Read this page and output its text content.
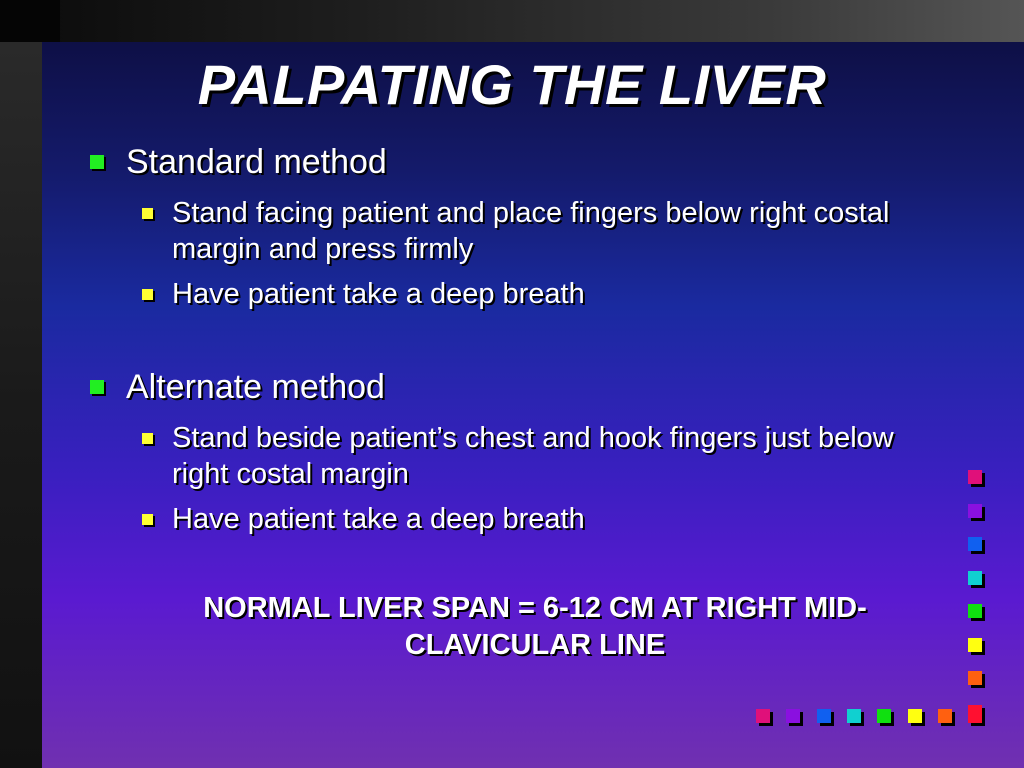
PALPATING THE LIVER
Standard method
Stand facing patient and place fingers below right costal margin and press firmly
Have patient take a deep breath
Alternate method
Stand beside patient’s chest and hook fingers just below right costal margin
Have patient take a deep breath
NORMAL LIVER SPAN = 6-12 CM AT RIGHT MID-CLAVICULAR LINE
